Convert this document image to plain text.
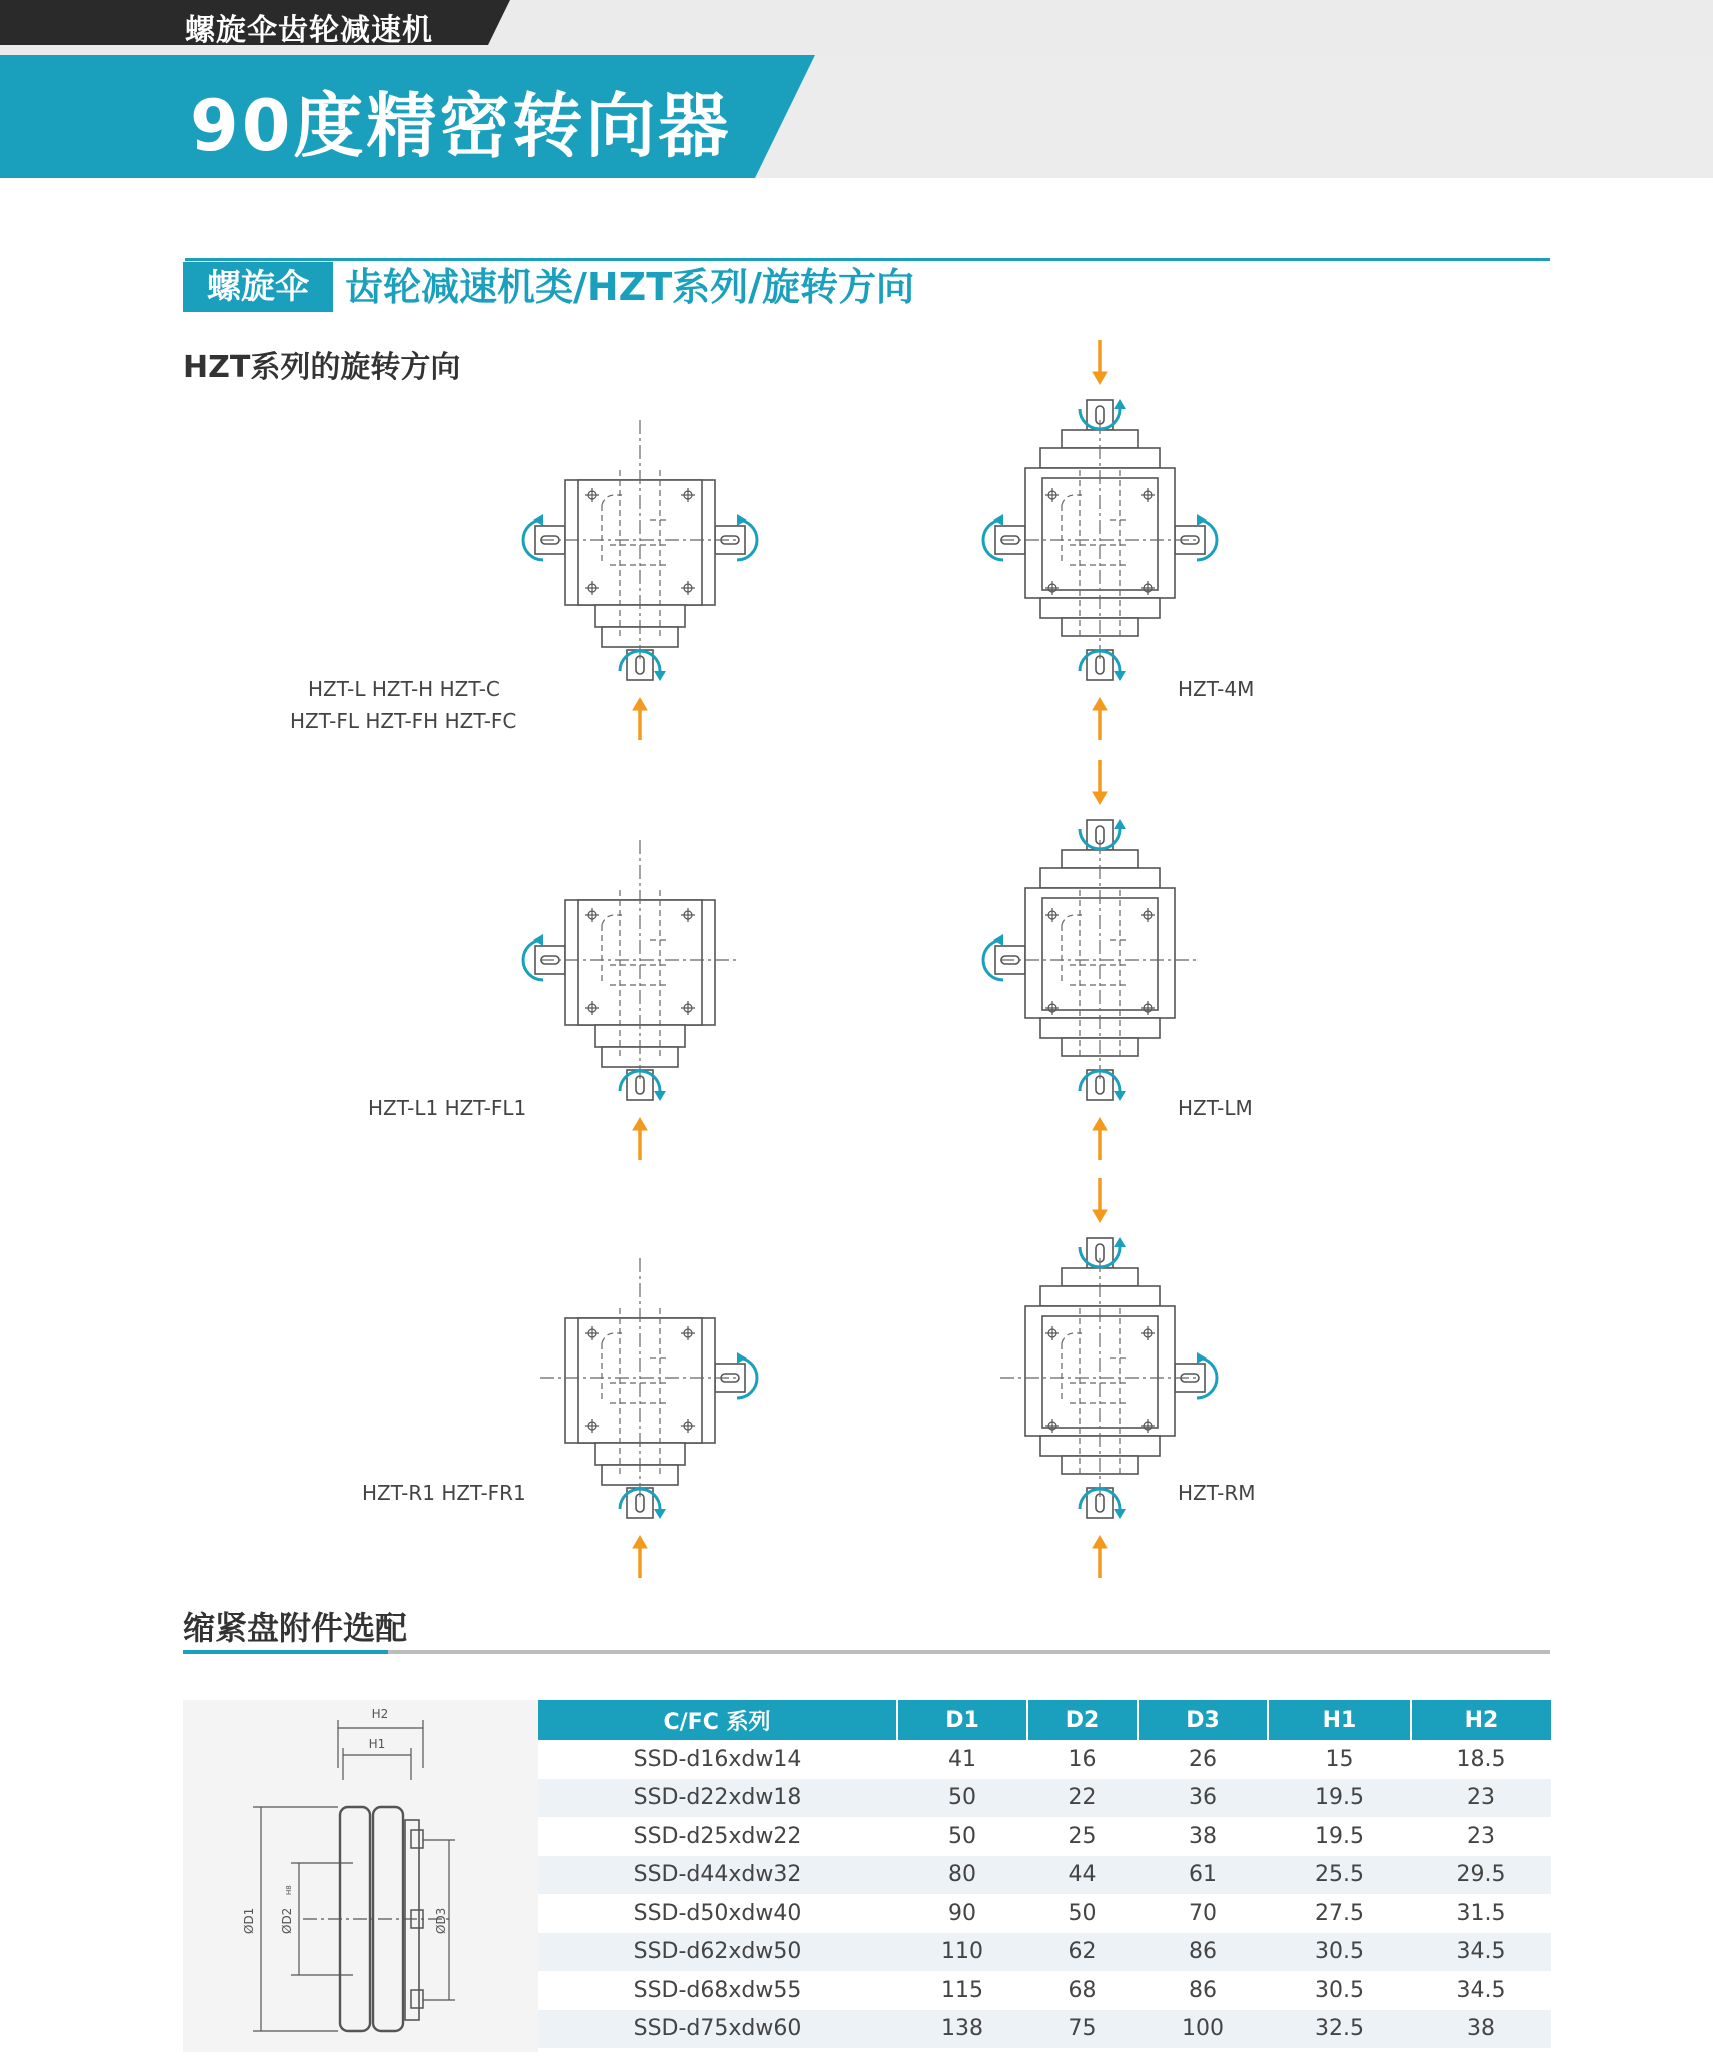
螺旋伞齿轮减速机
90度精密转向器
螺旋伞 齿轮减速机类/HZT系列/旋转方向
HZT系列的旋转方向
HZT-L HZT-H HZT-C
HZT-FL HZT-FH HZT-FC
HZT-4M
HZT-L1 HZT-FL1	HZT-LM
HZT-R1 HZT-FR1	HZT-RM
缩紧盘附件选配
H2
H1
ØD1 ØD2
H8
ØD3
C/FC 系列	D1	D2	D3	H1	H2
SSD-d16xdw14	41	16	26	15	18.5
SSD-d22xdw18	50	22	36	19.5	23
SSD-d25xdw22	50	25	38	19.5	23
SSD-d44xdw32	80	44	61	25.5	29.5
SSD-d50xdw40	90	50	70	27.5	31.5
SSD-d62xdw50	110	62	86	30.5	34.5
SSD-d68xdw55	115	68	86	30.5	34.5
SSD-d75xdw60	138	75	100	32.5	38
